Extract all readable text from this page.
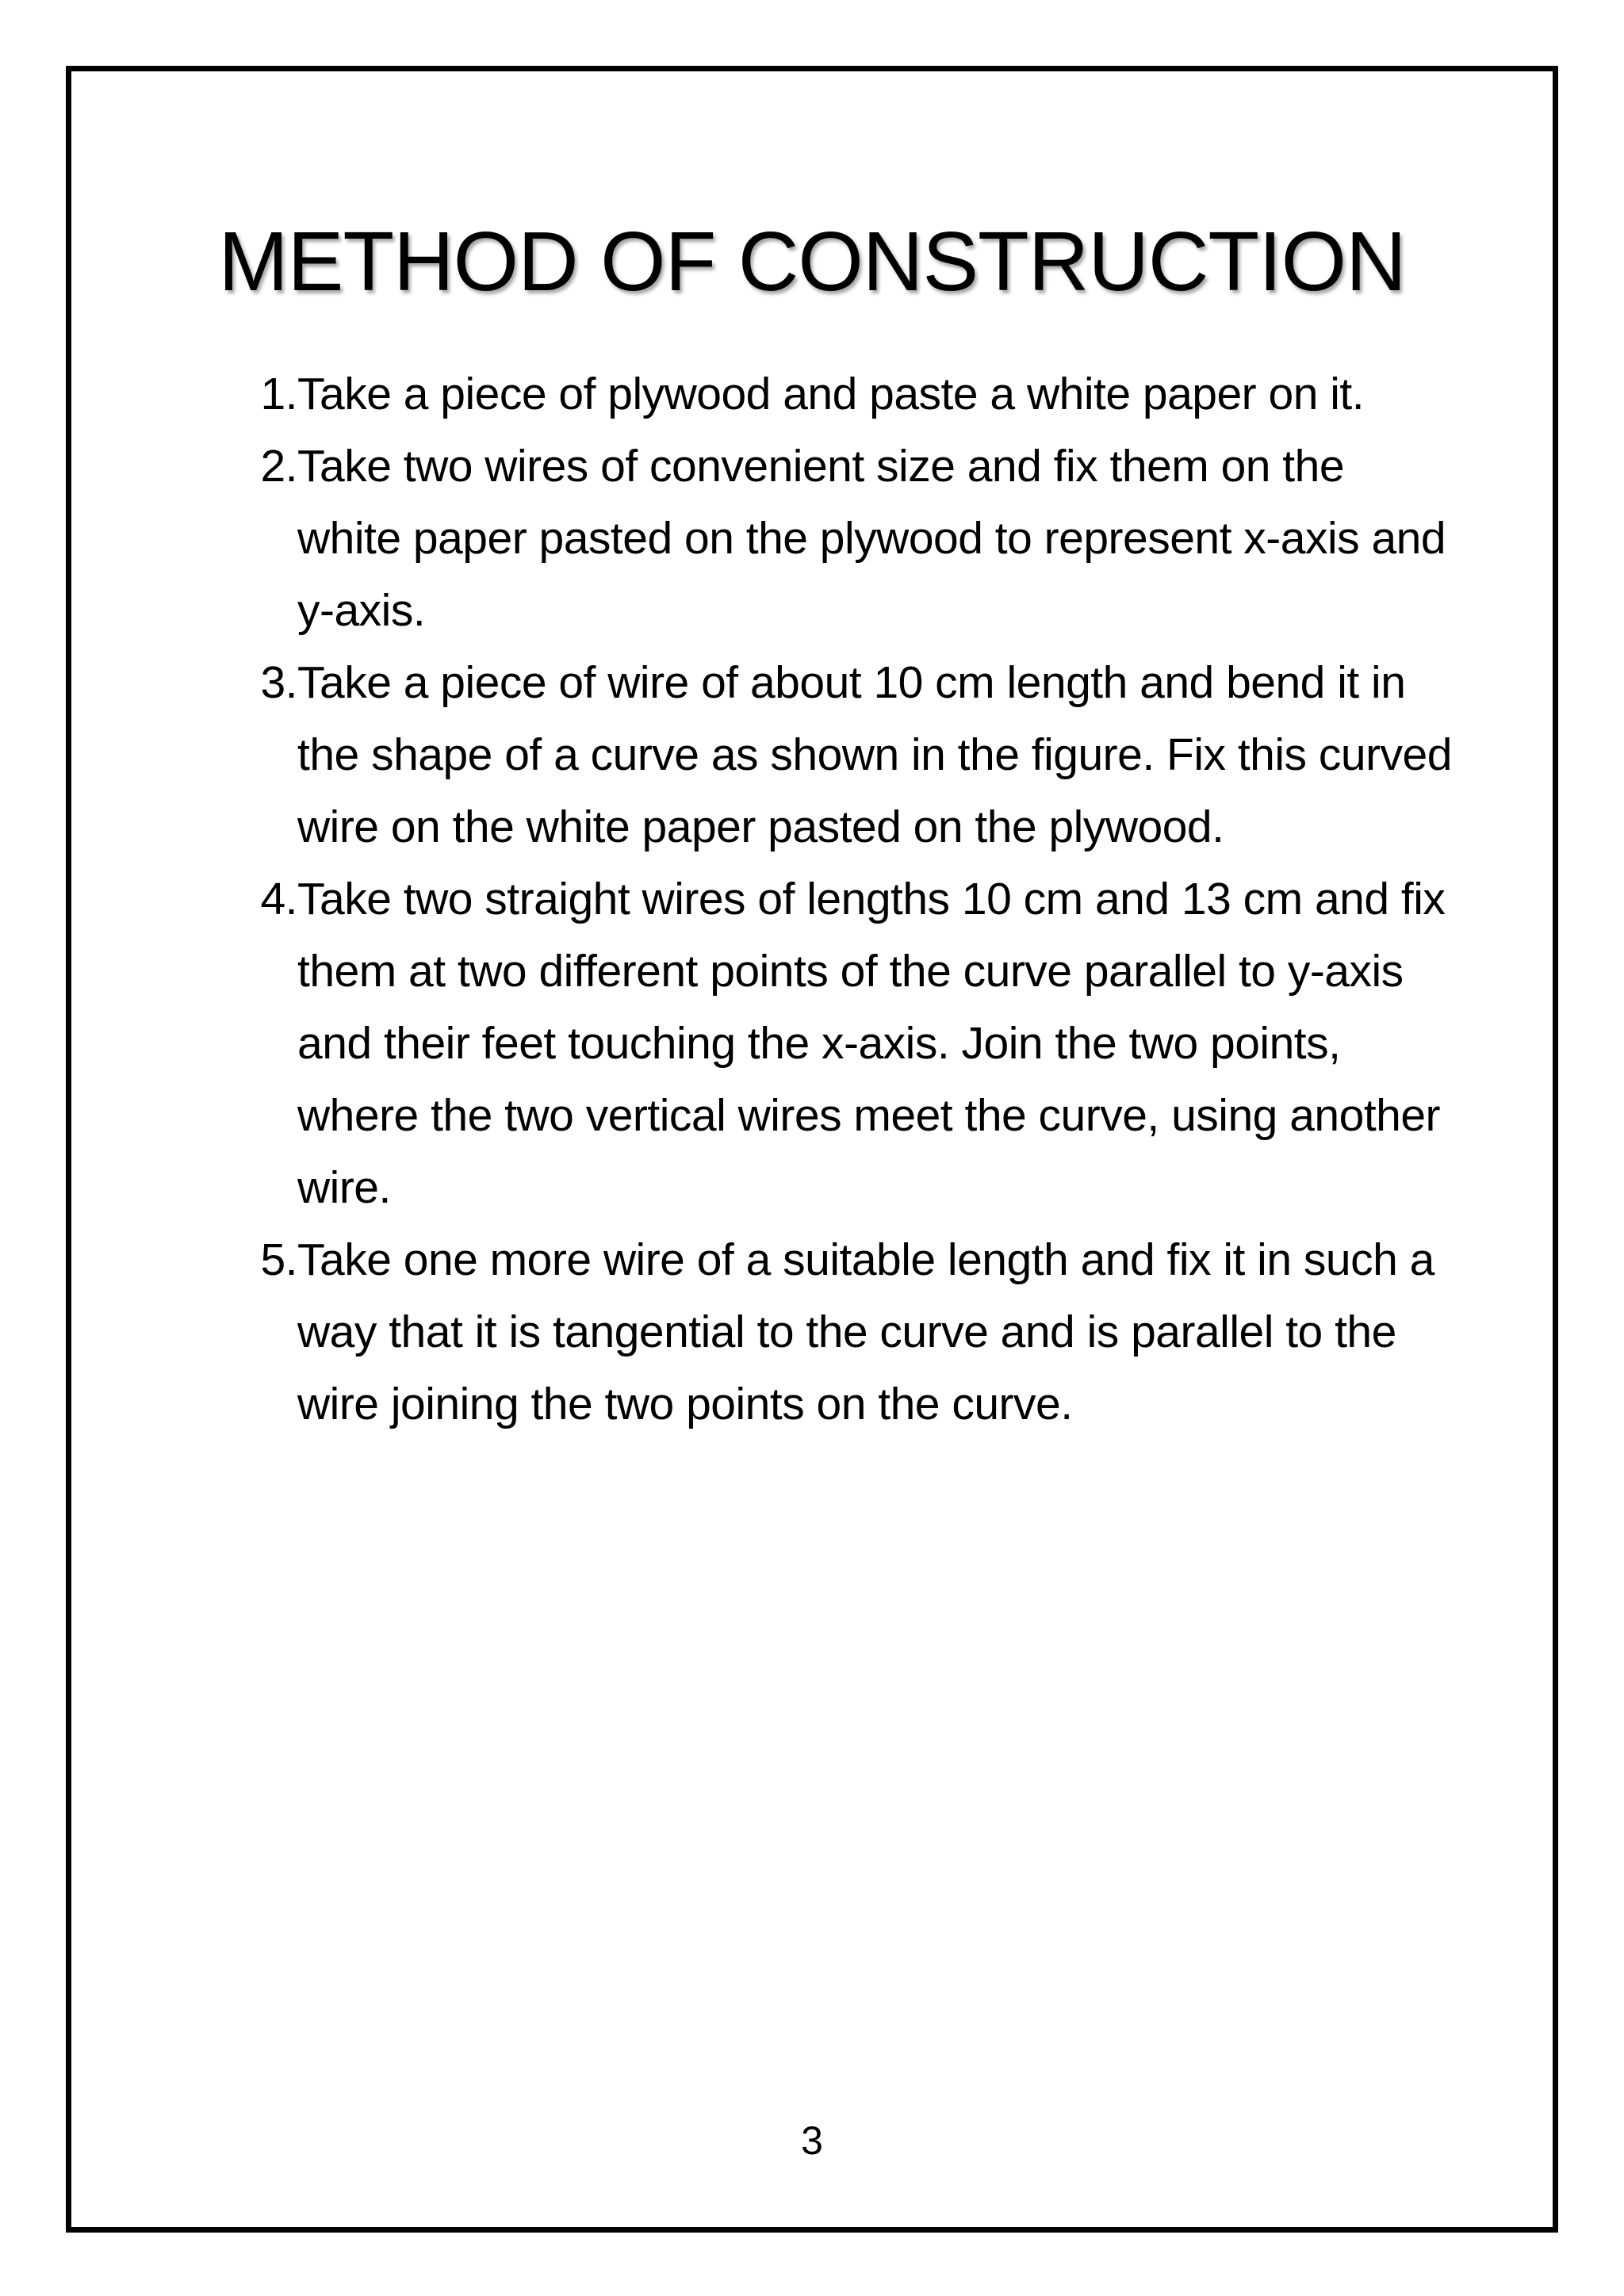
METHOD OF CONSTRUCTION
1. Take a piece of plywood and paste a white paper on it.
2. Take two wires of convenient size and fix them on the white paper pasted on the plywood to represent x-axis and y-axis.
3. Take a piece of wire of about 10 cm length and bend it in the shape of a curve as shown in the figure. Fix this curved wire on the white paper pasted on the plywood.
4. Take two straight wires of lengths 10 cm and 13 cm and fix them at two different points of the curve parallel to y-axis and their feet touching the x-axis. Join the two points, where the two vertical wires meet the curve, using another wire.
5. Take one more wire of a suitable length and fix it in such a way that it is tangential to the curve and is parallel to the wire joining the two points on the curve.
3
